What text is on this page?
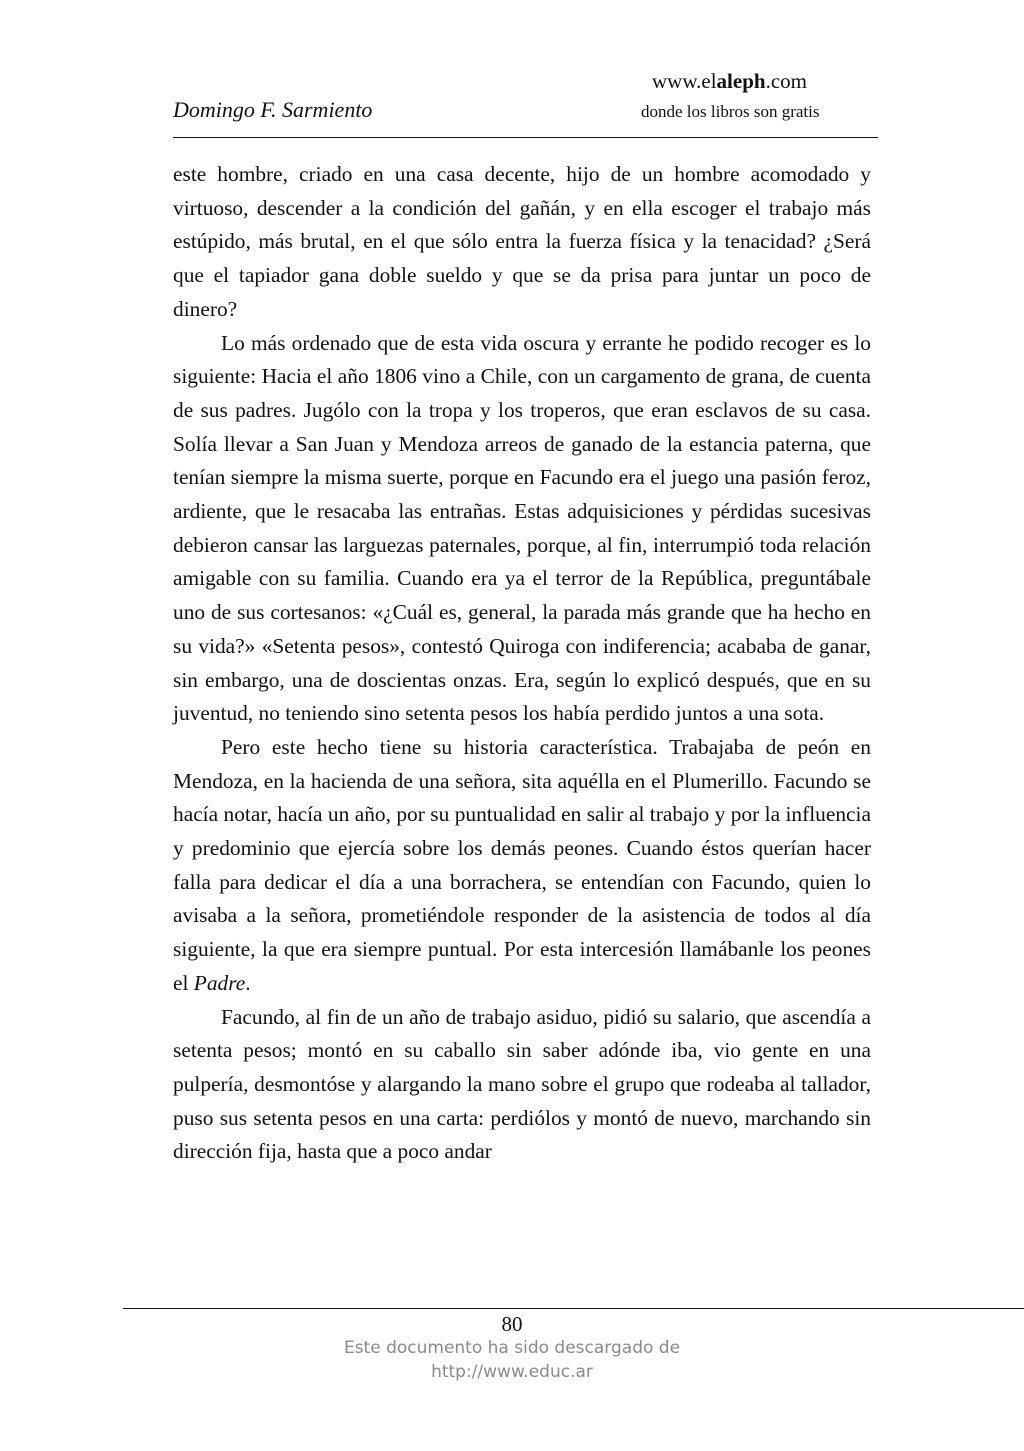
www.elaleph.com
Domingo F. Sarmiento	donde los libros son gratis

este hombre, criado en una casa decente, hijo de un hombre acomodado y virtuoso, descender a la condición del gañán, y en ella escoger el trabajo más estúpido, más brutal, en el que sólo entra la fuerza física y la tenacidad? ¿Será que el tapiador gana doble sueldo y que se da prisa para juntar un poco de dinero?

Lo más ordenado que de esta vida oscura y errante he podido recoger es lo siguiente: Hacia el año 1806 vino a Chile, con un cargamento de grana, de cuenta de sus padres. Jugólo con la tropa y los troperos, que eran esclavos de su casa. Solía llevar a San Juan y Mendoza arreos de ganado de la estancia paterna, que tenían siempre la misma suerte, porque en Facundo era el juego una pasión feroz, ardiente, que le resacaba las entrañas. Estas adquisiciones y pérdidas sucesivas debieron cansar las larguezas paternales, porque, al fin, interrumpió toda relación amigable con su familia. Cuando era ya el terror de la República, preguntábale uno de sus cortesanos: «¿Cuál es, general, la parada más grande que ha hecho en su vida?» «Setenta pesos», contestó Quiroga con indiferencia; acababa de ganar, sin embargo, una de doscientas onzas. Era, según lo explicó después, que en su juventud, no teniendo sino setenta pesos los había perdido juntos a una sota.

Pero este hecho tiene su historia característica. Trabajaba de peón en Mendoza, en la hacienda de una señora, sita aquélla en el Plumerillo. Facundo se hacía notar, hacía un año, por su puntualidad en salir al trabajo y por la influencia y predominio que ejercía sobre los demás peones. Cuando éstos querían hacer falla para dedicar el día a una borrachera, se entendían con Facundo, quien lo avisaba a la señora, prometiéndole responder de la asistencia de todos al día siguiente, la que era siempre puntual. Por esta intercesión llamábanle los peones el Padre.

Facundo, al fin de un año de trabajo asiduo, pidió su salario, que ascendía a setenta pesos; montó en su caballo sin saber adónde iba, vio gente en una pulpería, desmontóse y alargando la mano sobre el grupo que rodeaba al tallador, puso sus setenta pesos en una carta: perdiólos y montó de nuevo, marchando sin dirección fija, hasta que a poco andar

80
Este documento ha sido descargado de
http://www.educ.ar
